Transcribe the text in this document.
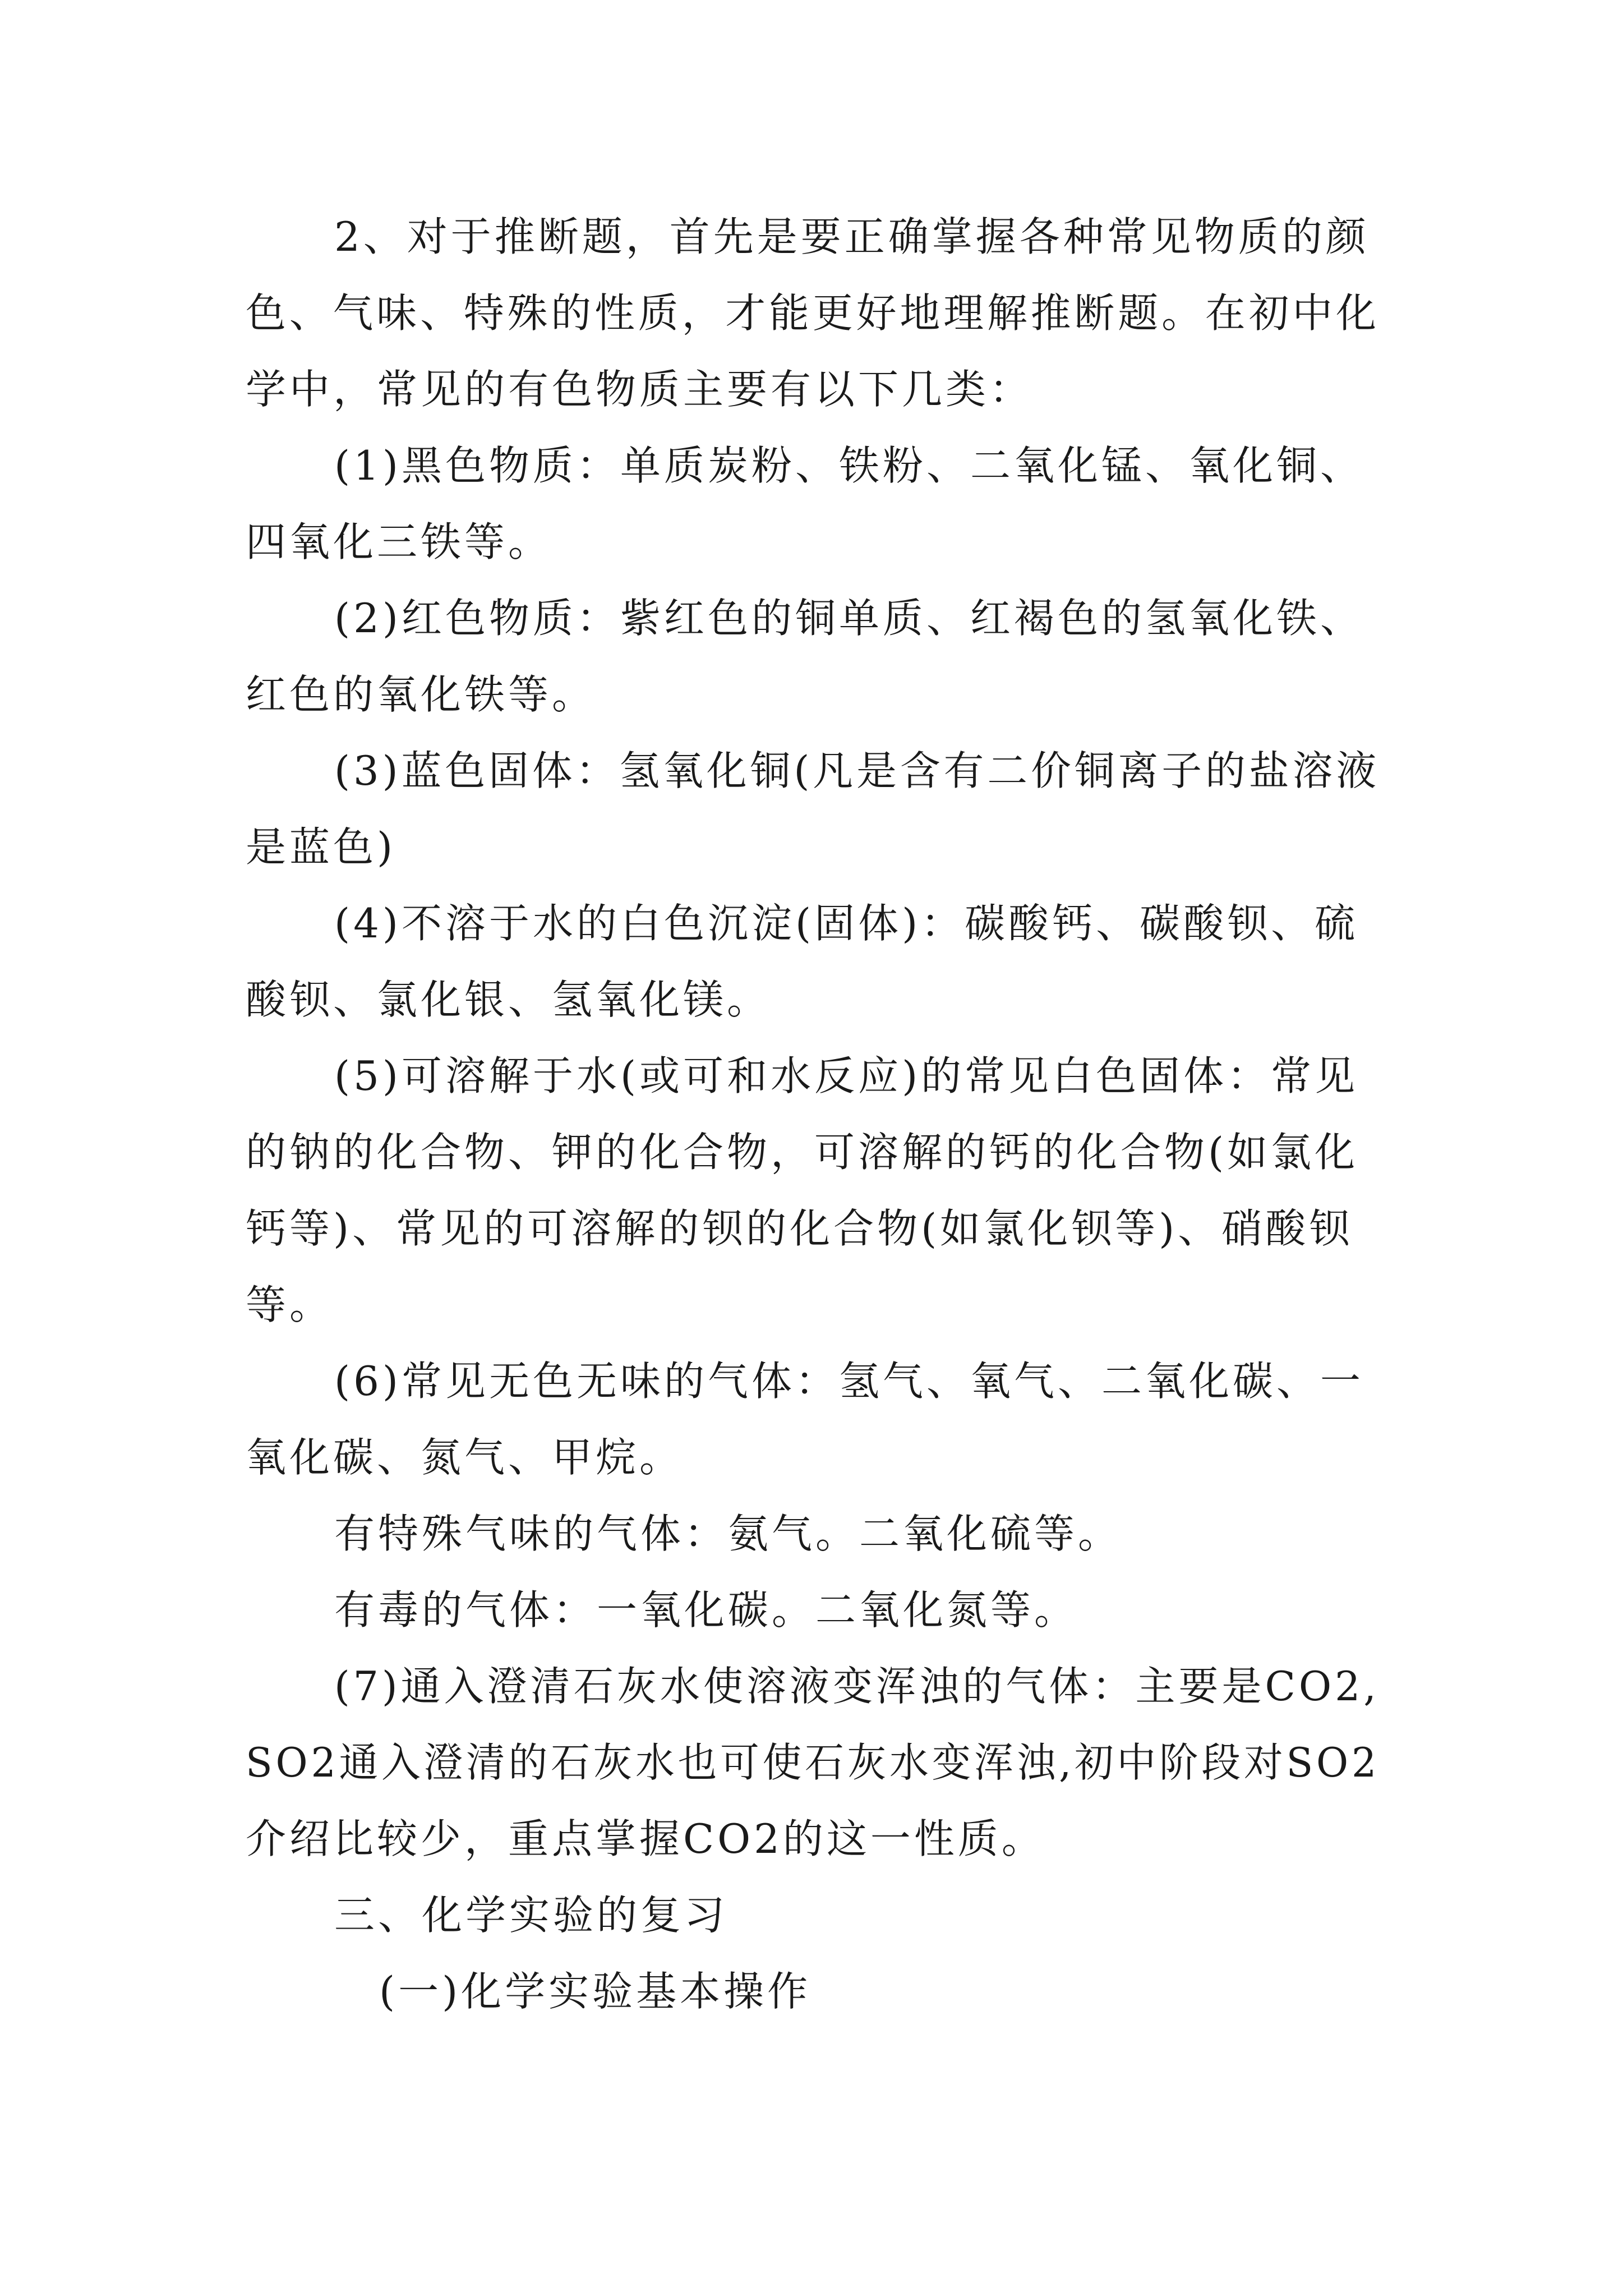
2、对于推断题，首先是要正确掌握各种常见物质的颜
色、气味、特殊的性质，才能更好地理解推断题。在初中化
学中，常见的有色物质主要有以下几类：
(1)黑色物质：单质炭粉、铁粉、二氧化锰、氧化铜、
四氧化三铁等。
(2)红色物质：紫红色的铜单质、红褐色的氢氧化铁、
红色的氧化铁等。
(3)蓝色固体：氢氧化铜(凡是含有二价铜离子的盐溶液
是蓝色)
(4)不溶于水的白色沉淀(固体)：碳酸钙、碳酸钡、硫
酸钡、氯化银、氢氧化镁。
(5)可溶解于水(或可和水反应)的常见白色固体：常见
的钠的化合物、钾的化合物，可溶解的钙的化合物(如氯化
钙等)、常见的可溶解的钡的化合物(如氯化钡等)、硝酸钡
等。
(6)常见无色无味的气体：氢气、氧气、二氧化碳、一
氧化碳、氮气、甲烷。
有特殊气味的气体：氨气。二氧化硫等。
有毒的气体：一氧化碳。二氧化氮等。
(7)通入澄清石灰水使溶液变浑浊的气体：主要是CO2,
SO2通入澄清的石灰水也可使石灰水变浑浊,初中阶段对SO2
介绍比较少，重点掌握CO2的这一性质。
三、化学实验的复习
(一)化学实验基本操作
